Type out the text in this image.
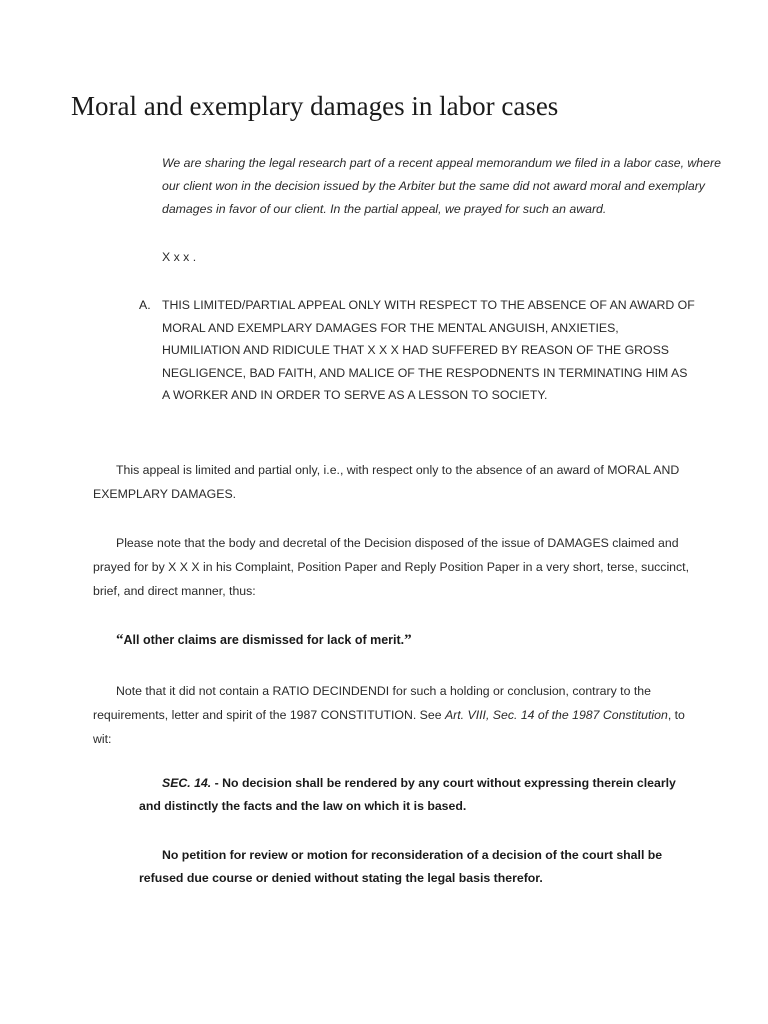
Moral and exemplary damages in labor cases
We are sharing the legal research part of a recent appeal memorandum we filed in a labor case, where our client won in the decision issued by the Arbiter but the same did not award moral and exemplary damages in favor of our client. In the partial appeal, we prayed for such an award.
X x x .
A. THIS LIMITED/PARTIAL APPEAL ONLY WITH RESPECT TO THE ABSENCE OF AN AWARD OF MORAL AND EXEMPLARY DAMAGES FOR THE MENTAL ANGUISH, ANXIETIES, HUMILIATION AND RIDICULE THAT X X X HAD SUFFERED BY REASON OF THE GROSS NEGLIGENCE, BAD FAITH, AND MALICE OF THE RESPODNENTS IN TERMINATING HIM AS A WORKER AND IN ORDER TO SERVE AS A LESSON TO SOCIETY.

This appeal is limited and partial only, i.e., with respect only to the absence of an award of MORAL AND EXEMPLARY DAMAGES.

Please note that the body and decretal of the Decision disposed of the issue of DAMAGES claimed and prayed for by X X X in his Complaint, Position Paper and Reply Position Paper in a very short, terse, succinct, brief, and direct manner, thus:

“All other claims are dismissed for lack of merit.”

Note that it did not contain a RATIO DECINDENDI for such a holding or conclusion, contrary to the requirements, letter and spirit of the 1987 CONSTITUTION. See Art. VIII, Sec. 14 of the 1987 Constitution, to wit:

SEC. 14. - No decision shall be rendered by any court without expressing therein clearly and distinctly the facts and the law on which it is based.

No petition for review or motion for reconsideration of a decision of the court shall be refused due course or denied without stating the legal basis therefor.
